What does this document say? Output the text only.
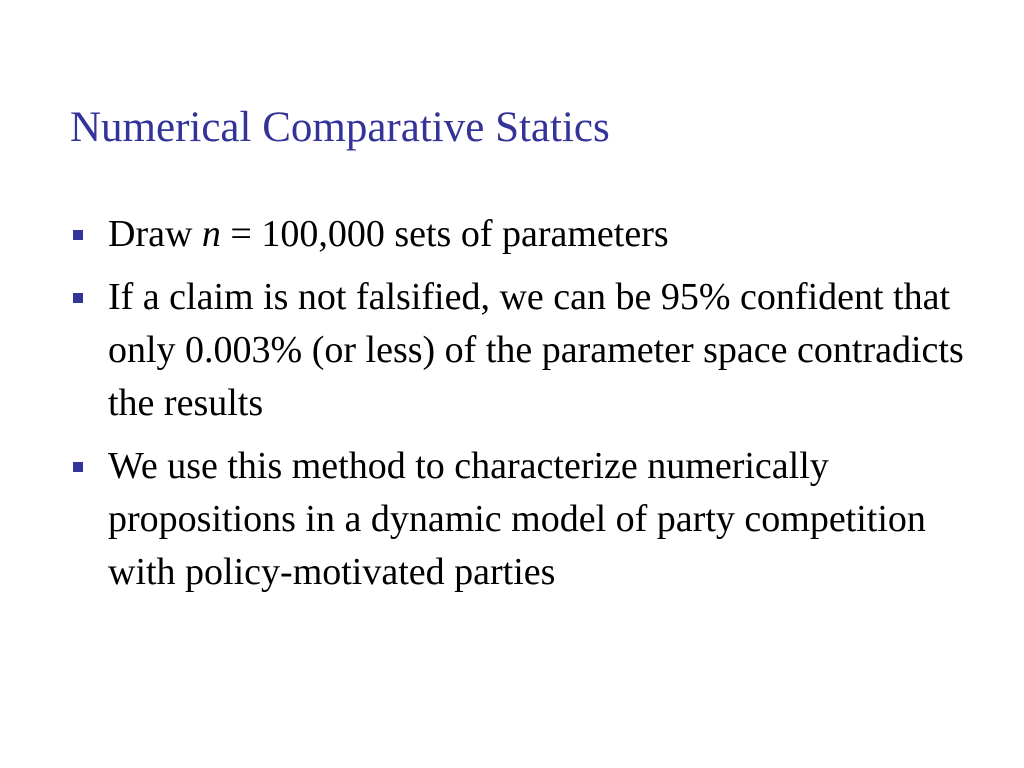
Numerical Comparative Statics
Draw n = 100,000 sets of parameters
If a claim is not falsified, we can be 95% confident that only 0.003% (or less) of the parameter space contradicts the results
We use this method to characterize numerically propositions in a dynamic model of party competition with policy-motivated parties
